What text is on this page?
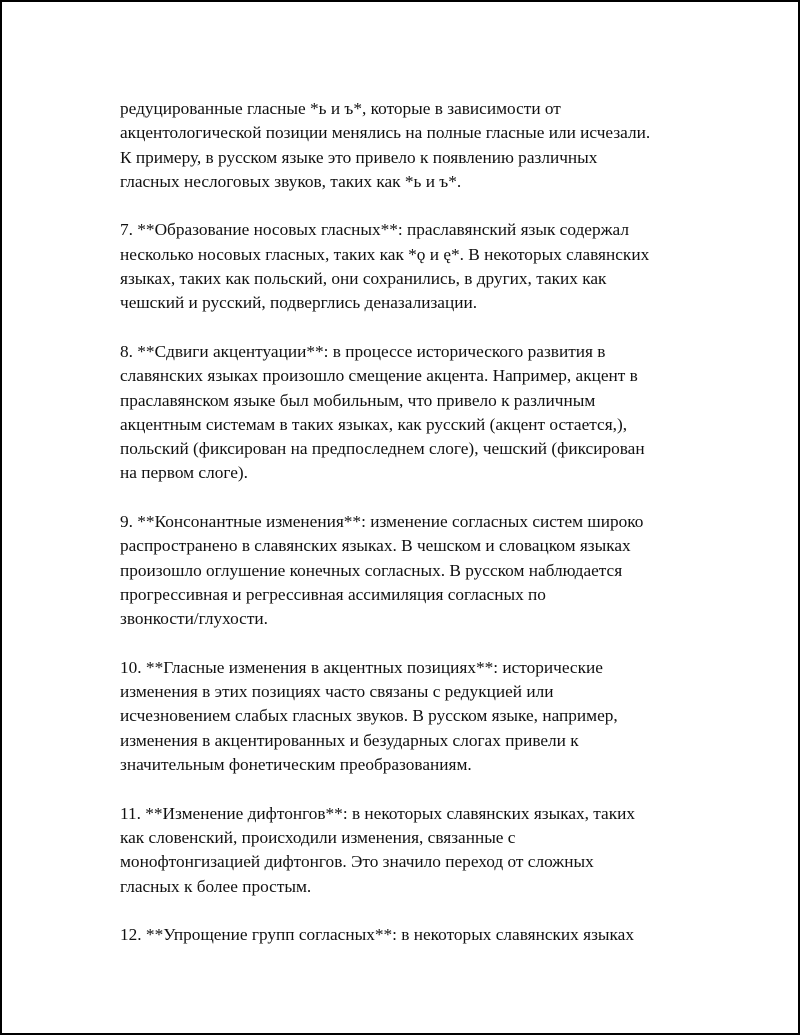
редуцированные гласные *ь и ъ*, которые в зависимости от
акцентологической позиции менялись на полные гласные или исчезали.
К примеру, в русском языке это привело к появлению различных
гласных неслоговых звуков, таких как *ь и ъ*.

7. **Образование носовых гласных**: праславянский язык содержал
несколько носовых гласных, таких как *ǫ и ę*. В некоторых славянских
языках, таких как польский, они сохранились, в других, таких как
чешский и русский, подверглись деназализации.

8. **Сдвиги акцентуации**: в процессе исторического развития в
славянских языках произошло смещение акцента. Например, акцент в
праславянском языке был мобильным, что привело к различным
акцентным системам в таких языках, как русский (акцент остается,),
польский (фиксирован на предпоследнем слоге), чешский (фиксирован
на первом слоге).

9. **Консонантные изменения**: изменение согласных систем широко
распространено в славянских языках. В чешском и словацком языках
произошло оглушение конечных согласных. В русском наблюдается
прогрессивная и регрессивная ассимиляция согласных по
звонкости/глухости.

10. **Гласные изменения в акцентных позициях**: исторические
изменения в этих позициях часто связаны с редукцией или
исчезновением слабых гласных звуков. В русском языке, например,
изменения в акцентированных и безударных слогах привели к
значительным фонетическим преобразованиям.

11. **Изменение дифтонгов**: в некоторых славянских языках, таких
как словенский, происходили изменения, связанные с
монофтонгизацией дифтонгов. Это значило переход от сложных
гласных к более простым.

12. **Упрощение групп согласных**: в некоторых славянских языках
